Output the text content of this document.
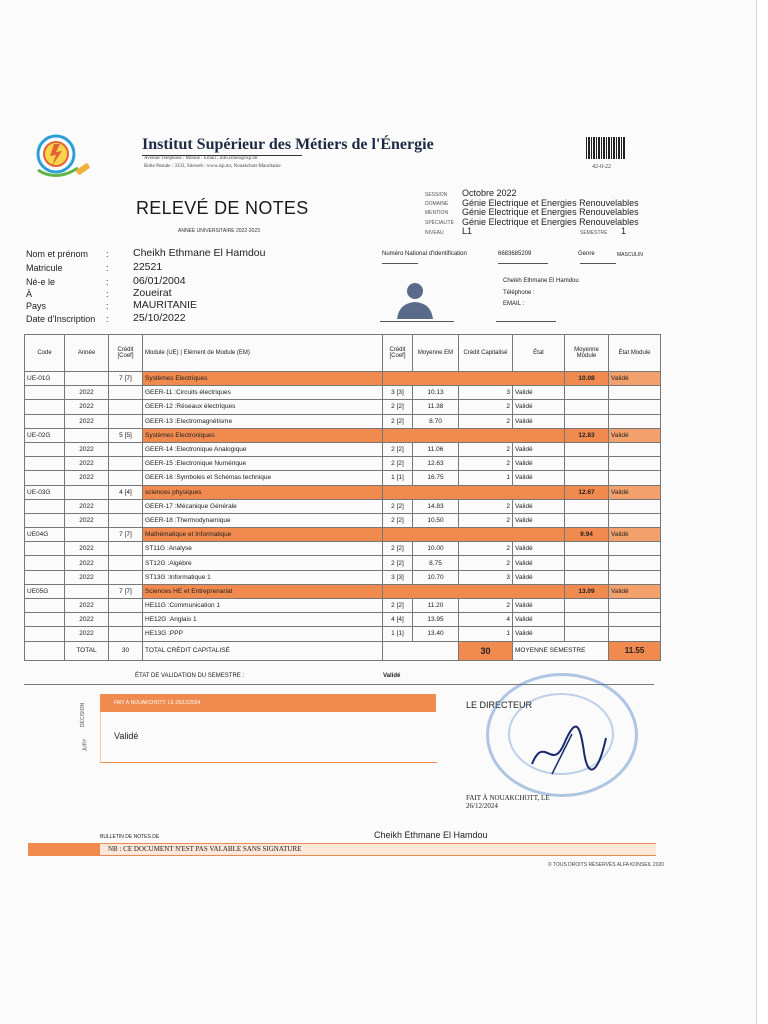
Institut Supérieur des Métiers de l'Énergie
Avenue/Téléphone : Mobile : Email : info.ismea@isp.mr
Boîte Postale : 3333, Siteweb : www.isp.mr, Nouakchott-Mauritanie	42-0-22
RELEVÉ DE NOTES
ANNEE UNIVERSITAIRE 2022-2023
SESSION Octobre 2022
DOMAINE Génie Electrique et Energies Renouvelables
MENTION Génie Electrique et Energies Renouvelables
SPÉCIALITÉ Génie Electrique et Energies Renouvelables
NIVEAU L1	SEMESTRE 1
Nom et prénom : Cheikh Ethmane El Hamdou
Matricule	: 22521
Né-e le	: 06/01/2004
À	: Zoueirat
Pays	: MAURITANIE
Date d'Inscription : 25/10/2022
Numéro National d'Identification	6683685209	Genre	MASCULIN
Cheikh Ethmane El Hamdou
Téléphone :
EMAIL :
Code	Année	Crédit [Coef]	Module (UE) | Elément de Module (EM)	Crédit [Coef]	Moyenne EM	Crédit Capitalisé	État	Moyenne Module	État Module
UE-01G		7 [7]	Systèmes Electriques					10.08	Validé
	2022		GEER-11 :Circuits électriques	3 [3]	10.13	3	Validé		
	2022		GEER-12 :Réseaux électriques	2 [2]	11.38	2	Validé		
	2022		GEER-13 :Electromagnétisme	2 [2]	8.70	2	Validé		
UE-02G		5 [5]	Systèmes Electroniques					12.83	Validé
	2022		GEER-14 :Electronique Analogique	2 [2]	11.06	2	Validé		
	2022		GEER-15 :Electronique Numérique	2 [2]	12.63	2	Validé		
	2022		GEER-16 :Symboles et Schémas technique	1 [1]	16.75	1	Validé		
UE-03G		4 [4]	sciences physiques					12.67	Validé
	2022		GEER-17 :Mécanique Générale	2 [2]	14.83	2	Validé		
	2022		GEER-18 :Thermodynamique	2 [2]	10.50	2	Validé		
UE04G		7 [7]	Mathématique et Informatique					9.94	Validé
	2022		ST11G :Analyse	2 [2]	10.00	2	Validé		
	2022		ST12G :Algèbre	2 [2]	8.75	2	Validé		
	2022		ST13G :Informatique 1	3 [3]	10.70	3	Validé		
UE05G		7 [7]	Sciences HE et Entreprenariat					13.09	Validé
	2022		HE11G :Communication 1	2 [2]	11.20	2	Validé		
	2022		HE12G :Anglais 1	4 [4]	13.95	4	Validé		
	2022		HE13G :PPP	1 [1]	13.40	1	Validé		
	TOTAL	30	TOTAL CRÉDIT CAPITALISÉ			30	MOYENNE SEMESTRE		11.55
ÉTAT DE VALIDATION DU SEMESTRE :	Validé
DÉCISION
JURY
FAIT À NOUAKCHOTT, LE 26/12/2024
Validé
LE DIRECTEUR
FAIT À NOUAKCHOTT, LE
26/12/2024
BULLETIN DE NOTES DE	Cheikh Ethmane El Hamdou
NB : CE DOCUMENT N'EST PAS VALABLE SANS SIGNATURE
© TOUS DROITS RÉSERVÉS ALFA KONSEIL 2020
